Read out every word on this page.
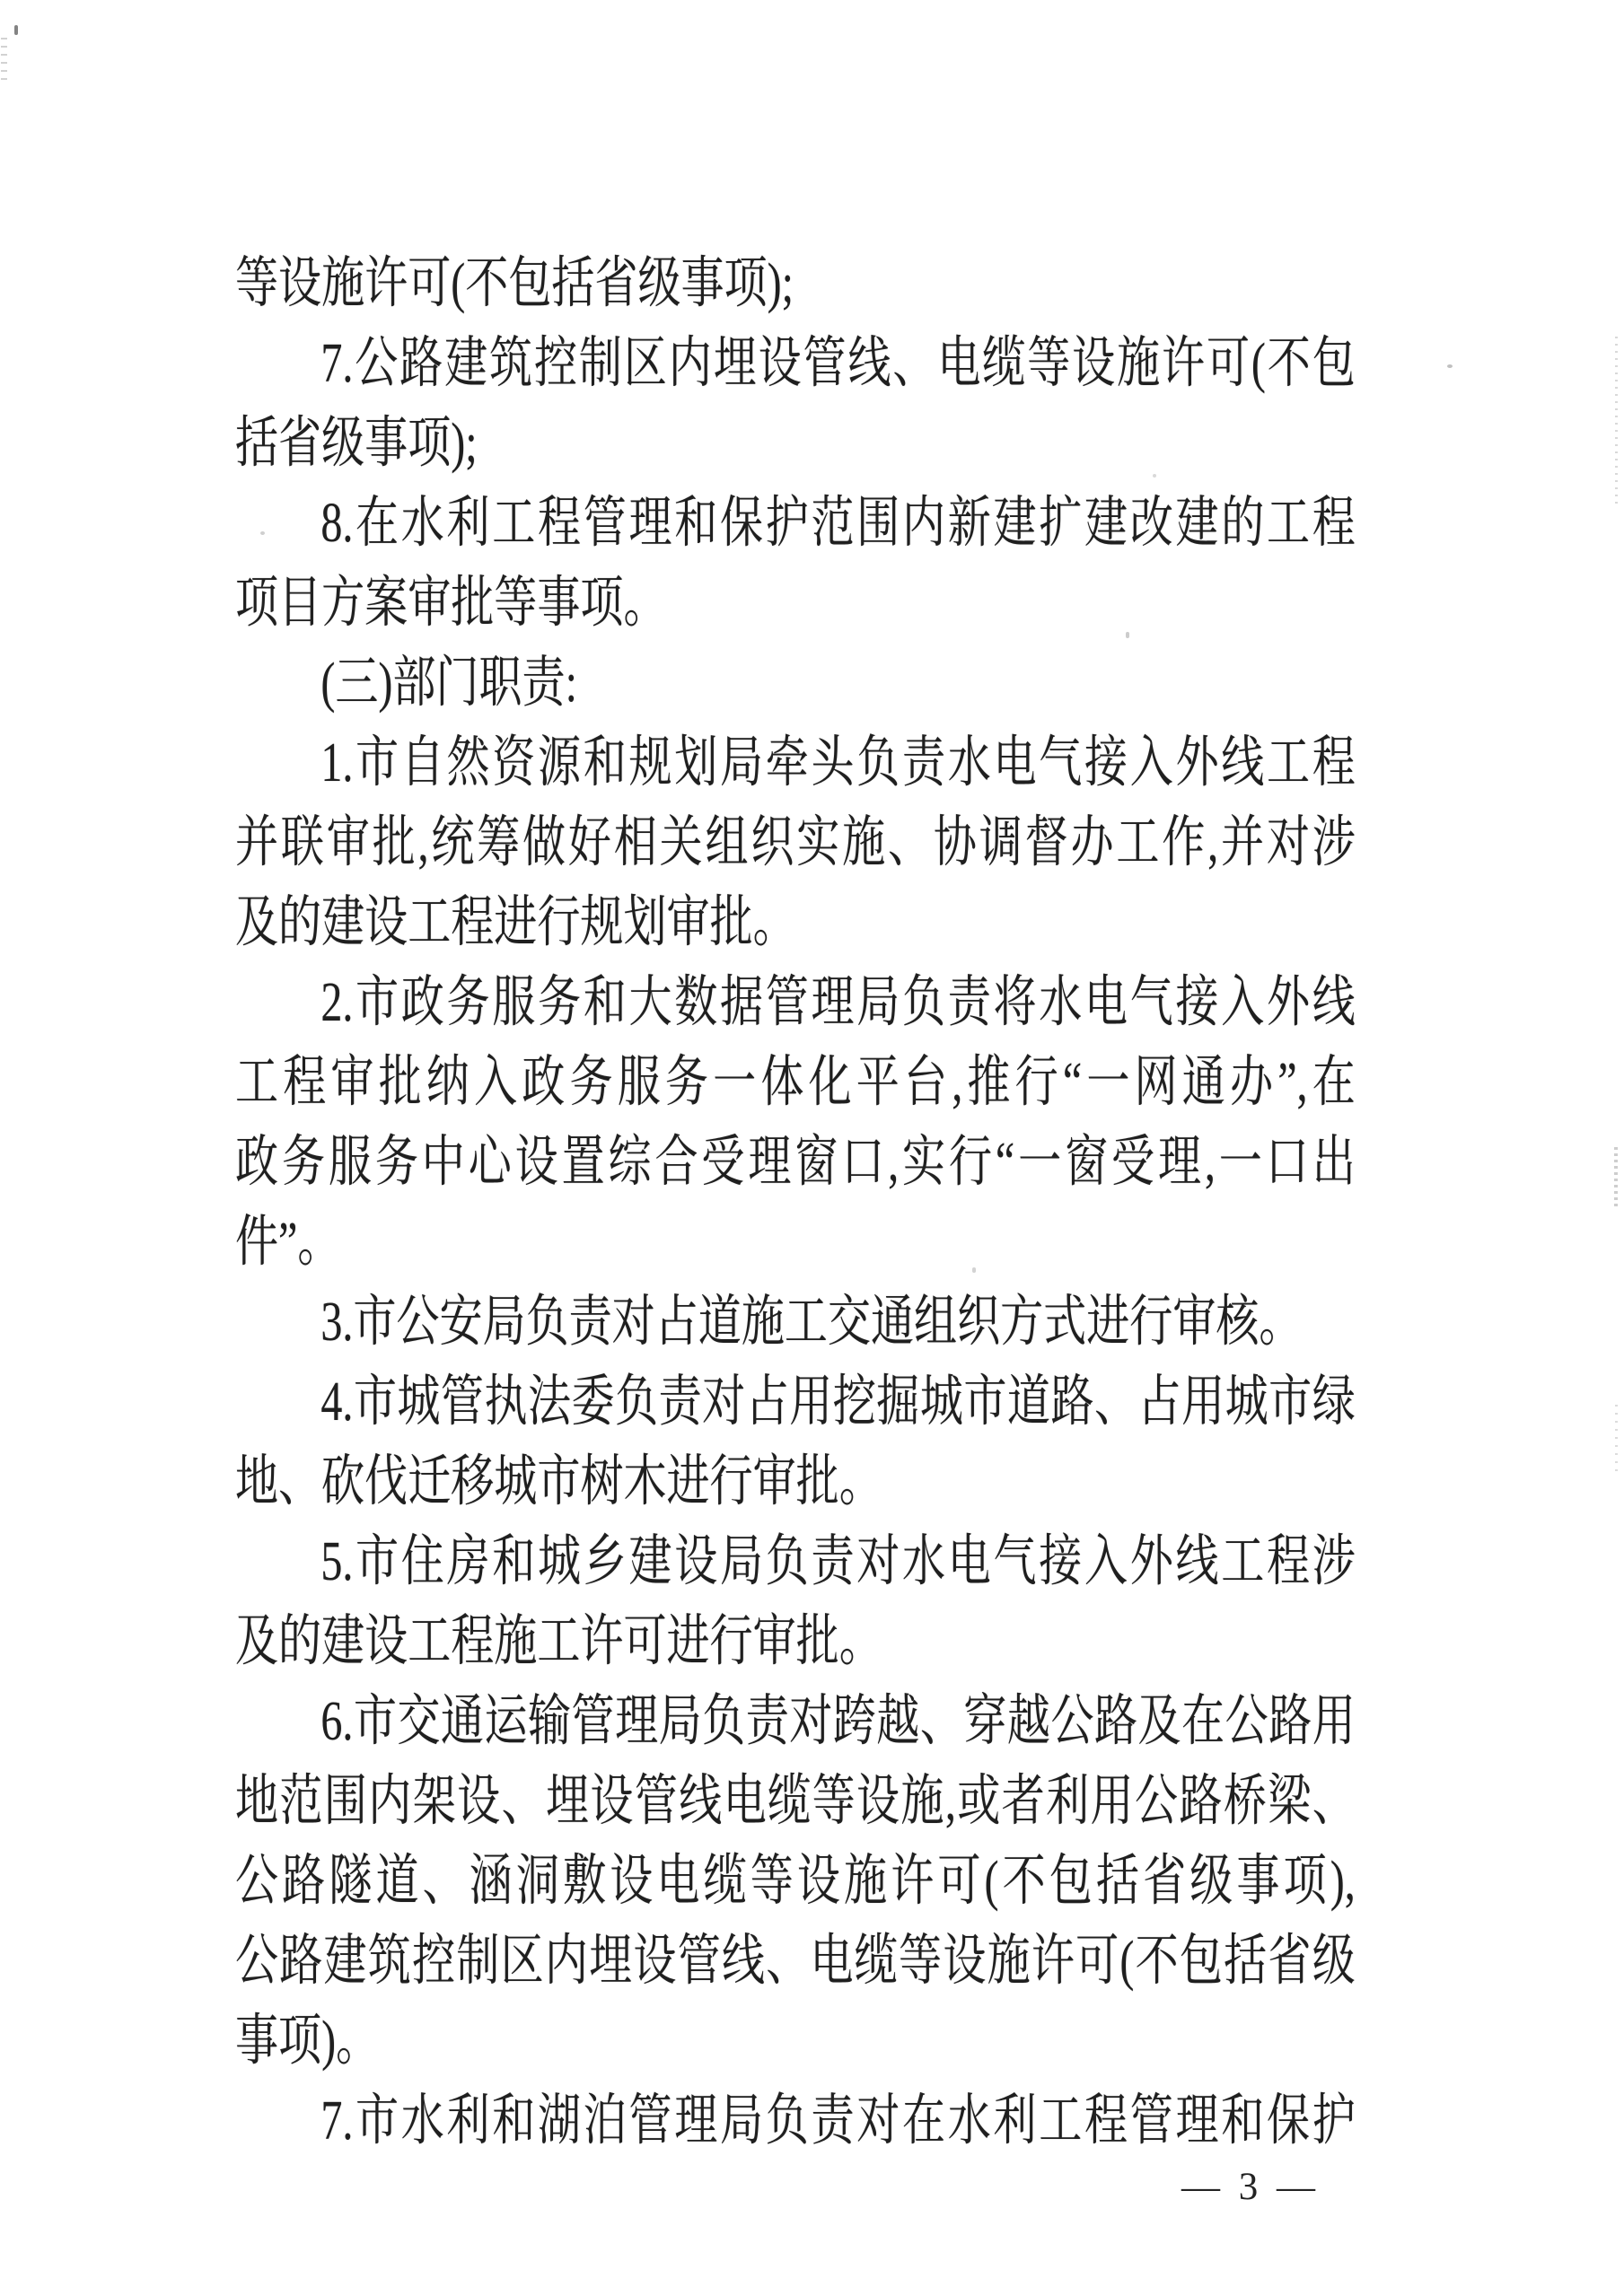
等设施许可(不包括省级事项);
7.公路建筑控制区内埋设管线、电缆等设施许可(不包
括省级事项);
8.在水利工程管理和保护范围内新建扩建改建的工程
项目方案审批等事项。
(三)部门职责:
1.市自然资源和规划局牵头负责水电气接入外线工程
并联审批,统筹做好相关组织实施、协调督办工作,并对涉
及的建设工程进行规划审批。
2.市政务服务和大数据管理局负责将水电气接入外线
工程审批纳入政务服务一体化平台,推行“一网通办”,在
政务服务中心设置综合受理窗口,实行“一窗受理,一口出
件”。
3.市公安局负责对占道施工交通组织方式进行审核。
4.市城管执法委负责对占用挖掘城市道路、占用城市绿
地、砍伐迁移城市树木进行审批。
5.市住房和城乡建设局负责对水电气接入外线工程涉
及的建设工程施工许可进行审批。
6.市交通运输管理局负责对跨越、穿越公路及在公路用
地范围内架设、埋设管线电缆等设施,或者利用公路桥梁、
公路隧道、涵洞敷设电缆等设施许可(不包括省级事项),
公路建筑控制区内埋设管线、电缆等设施许可(不包括省级
事项)。
7.市水利和湖泊管理局负责对在水利工程管理和保护
— 3 —
